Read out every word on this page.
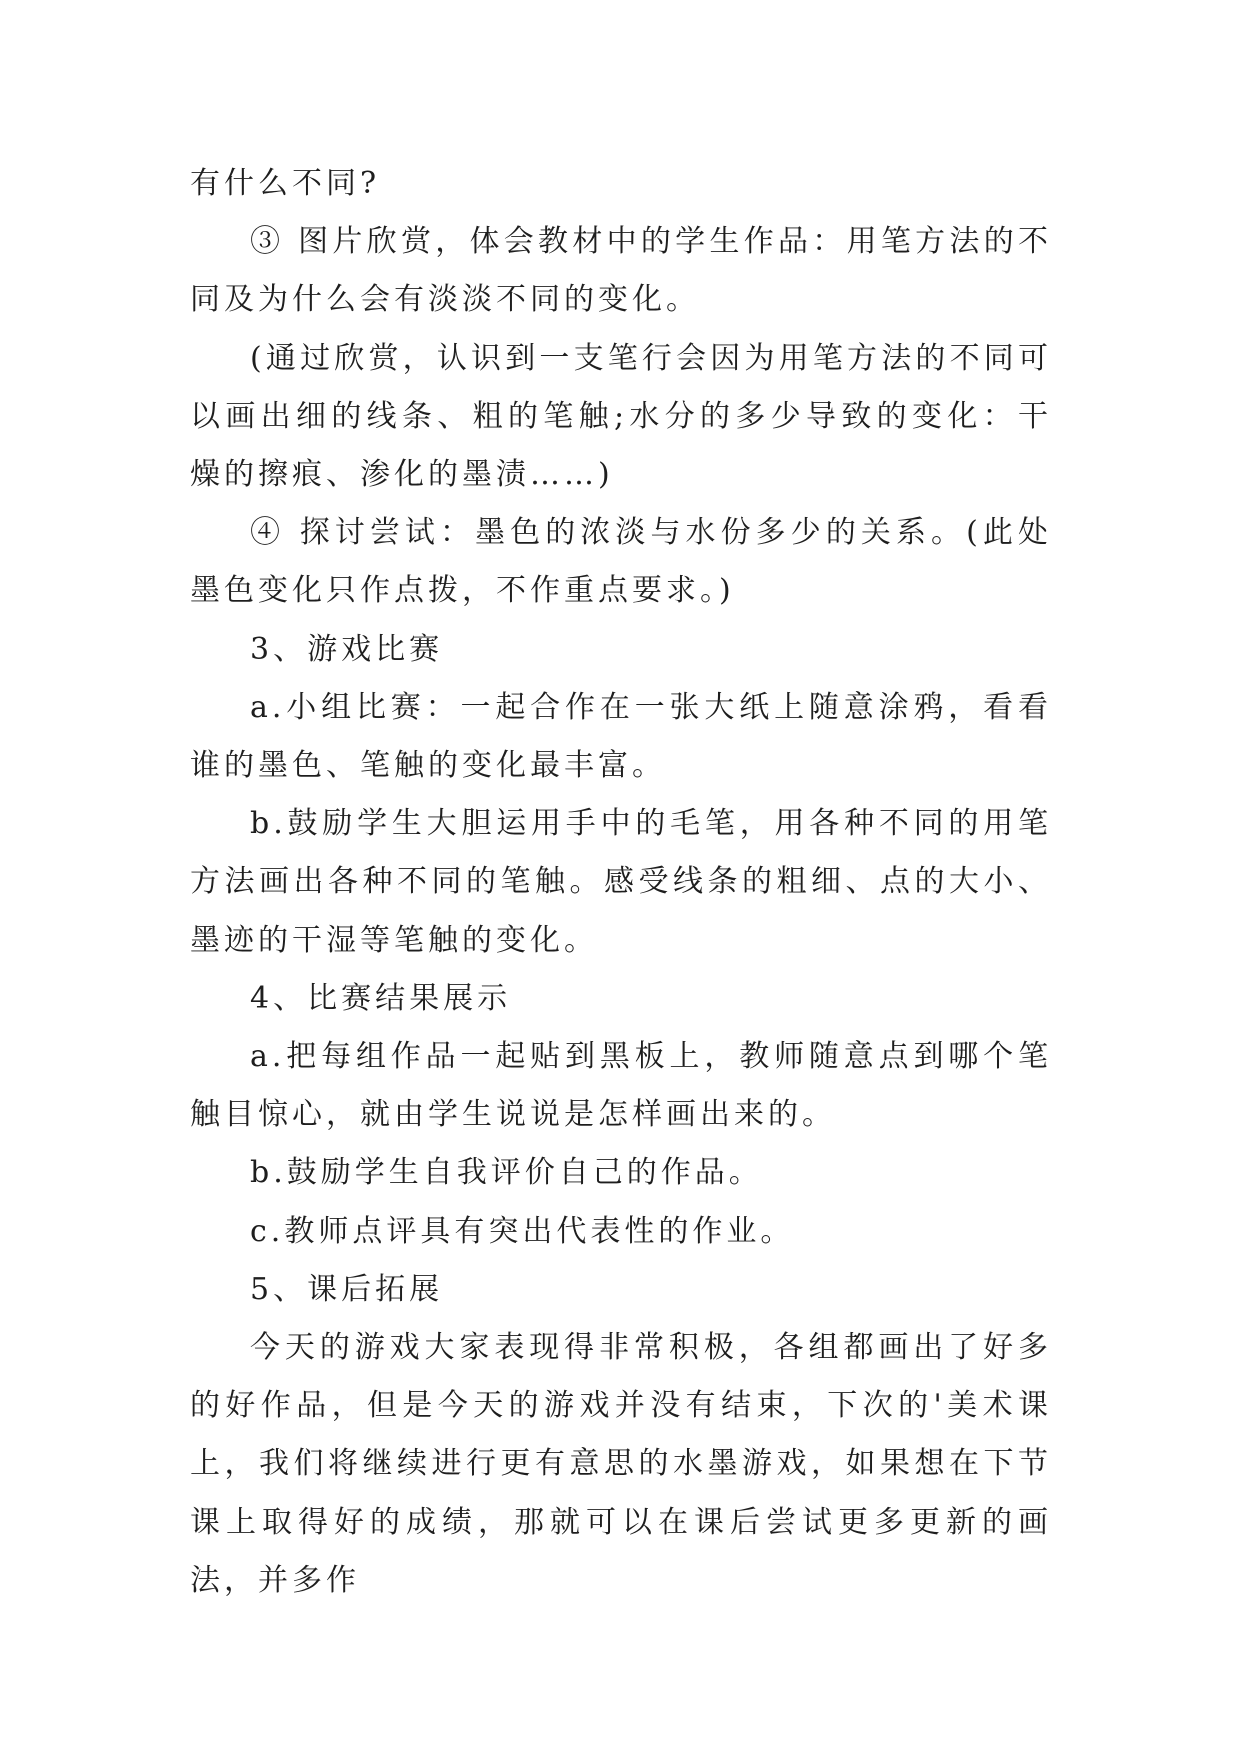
有什么不同?

③ 图片欣赏，体会教材中的学生作品：用笔方法的不同及为什么会有淡淡不同的变化。

(通过欣赏，认识到一支笔行会因为用笔方法的不同可以画出细的线条、粗的笔触;水分的多少导致的变化：干燥的擦痕、渗化的墨渍……)

④ 探讨尝试：墨色的浓淡与水份多少的关系。(此处墨色变化只作点拨，不作重点要求。)

3、游戏比赛

a.小组比赛：一起合作在一张大纸上随意涂鸦，看看谁的墨色、笔触的变化最丰富。

b.鼓励学生大胆运用手中的毛笔，用各种不同的用笔方法画出各种不同的笔触。感受线条的粗细、点的大小、墨迹的干湿等笔触的变化。

4、比赛结果展示

a.把每组作品一起贴到黑板上，教师随意点到哪个笔触目惊心，就由学生说说是怎样画出来的。

b.鼓励学生自我评价自己的作品。

c.教师点评具有突出代表性的作业。

5、课后拓展

今天的游戏大家表现得非常积极，各组都画出了好多的好作品，但是今天的游戏并没有结束，下次的'美术课上，我们将继续进行更有意思的水墨游戏，如果想在下节课上取得好的成绩，那就可以在课后尝试更多更新的画法，并多作
